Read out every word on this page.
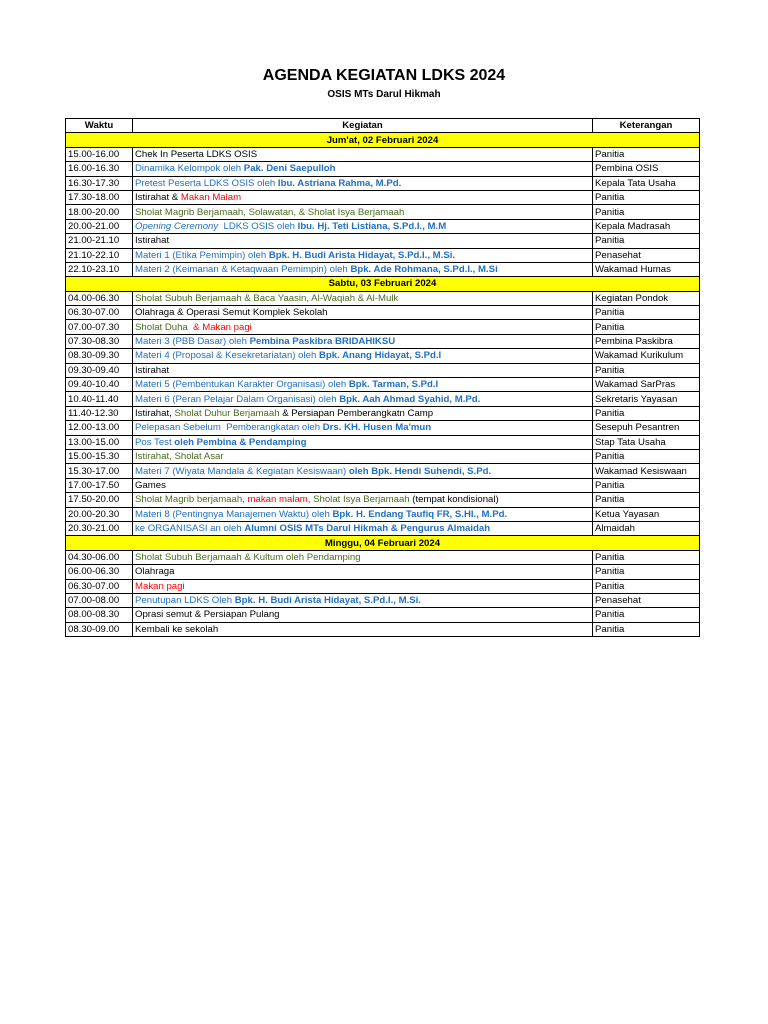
AGENDA KEGIATAN LDKS 2024
OSIS MTs Darul Hikmah
Waktu	Kegiatan	Keterangan
Jum'at, 02 Februari 2024		
15.00-16.00	Chek In Peserta LDKS OSIS	Panitia
16.00-16.30	Dinamika Kelompok oleh Pak. Deni Saepulloh	Pembina OSIS
16.30-17.30	Pretest Peserta LDKS OSIS oleh Ibu. Astriana Rahma, M.Pd.	Kepala Tata Usaha
17.30-18.00	Istirahat & Makan Malam	Panitia
18.00-20.00	Sholat Magrib Berjamaah, Solawatan, & Sholat Isya Berjamaah	Panitia
20.00-21.00	Opening Ceremony  LDKS OSIS oleh Ibu. Hj. Teti Listiana, S.Pd.I., M.M	Kepala Madrasah
21.00-21.10	Istirahat	Panitia
21.10-22.10	Materi 1 (Etika Pemimpin) oleh Bpk. H. Budi Arista Hidayat, S.Pd.I., M.Si.	Penasehat
22.10-23.10	Materi 2 (Keimanan & Ketaqwaan Pemimpin) oleh Bpk. Ade Rohmana, S.Pd.I., M.Si	Wakamad Humas
Sabtu, 03 Februari 2024		
04.00-06.30	Sholat Subuh Berjamaah & Baca Yaasin, Al-Waqiah & Al-Mulk	Kegiatan Pondok
06.30-07.00	Olahraga & Operasi Semut Komplek Sekolah	Panitia
07.00-07.30	Sholat Duha  & Makan pagi	Panitia
07.30-08.30	Materi 3 (PBB Dasar) oleh Pembina Paskibra BRIDAHIKSU	Pembina Paskibra
08.30-09.30	Materi 4 (Proposal & Kesekretariatan) oleh Bpk. Anang Hidayat, S.Pd.I	Wakamad Kurikulum
09.30-09.40	Istirahat	Panitia
09.40-10.40	Materi 5 (Pembentukan Karakter Organisasi) oleh Bpk. Tarman, S.Pd.I	Wakamad SarPras
10.40-11.40	Materi 6 (Peran Pelajar Dalam Organisasi) oleh Bpk. Aah Ahmad Syahid, M.Pd.	Sekretaris Yayasan
11.40-12.30	Istirahat, Sholat Duhur Berjamaah & Persiapan Pemberangkatn Camp	Panitia
12.00-13.00	Pelepasan Sebelum  Pemberangkatan oleh Drs. KH. Husen Ma'mun	Sesepuh Pesantren
13.00-15.00	Pos Test oleh Pembina & Pendamping	Stap Tata Usaha
15.00-15.30	Istirahat, Sholat Asar	Panitia
15.30-17.00	Materi 7 (Wiyata Mandala & Kegiatan Kesiswaan) oleh Bpk. Hendi Suhendi, S.Pd.	Wakamad Kesiswaan
17.00-17.50	Games	Panitia
17.50-20.00	Sholat Magrib berjamaah, makan malam, Sholat Isya Berjamaah (tempat kondisional)	Panitia
20.00-20.30	Materi 8 (Pentingnya Manajemen Waktu) oleh Bpk. H. Endang Taufiq FR, S.HI., M.Pd.	Ketua Yayasan
20.30-21.00	ke ORGANISASI an oleh Alumni OSIS MTs Darul Hikmah & Pengurus Almaidah	Almaidah
Minggu, 04 Februari 2024		
04.30-06.00	Sholat Subuh Berjamaah & Kultum oleh Pendamping	Panitia
06.00-06.30	Olahraga	Panitia
06.30-07.00	Makan pagi	Panitia
07.00-08.00	Penutupan LDKS Oleh Bpk. H. Budi Arista Hidayat, S.Pd.I., M.Si.	Penasehat
08.00-08.30	Oprasi semut & Persiapan Pulang	Panitia
08.30-09.00	Kembali ke sekolah	Panitia
